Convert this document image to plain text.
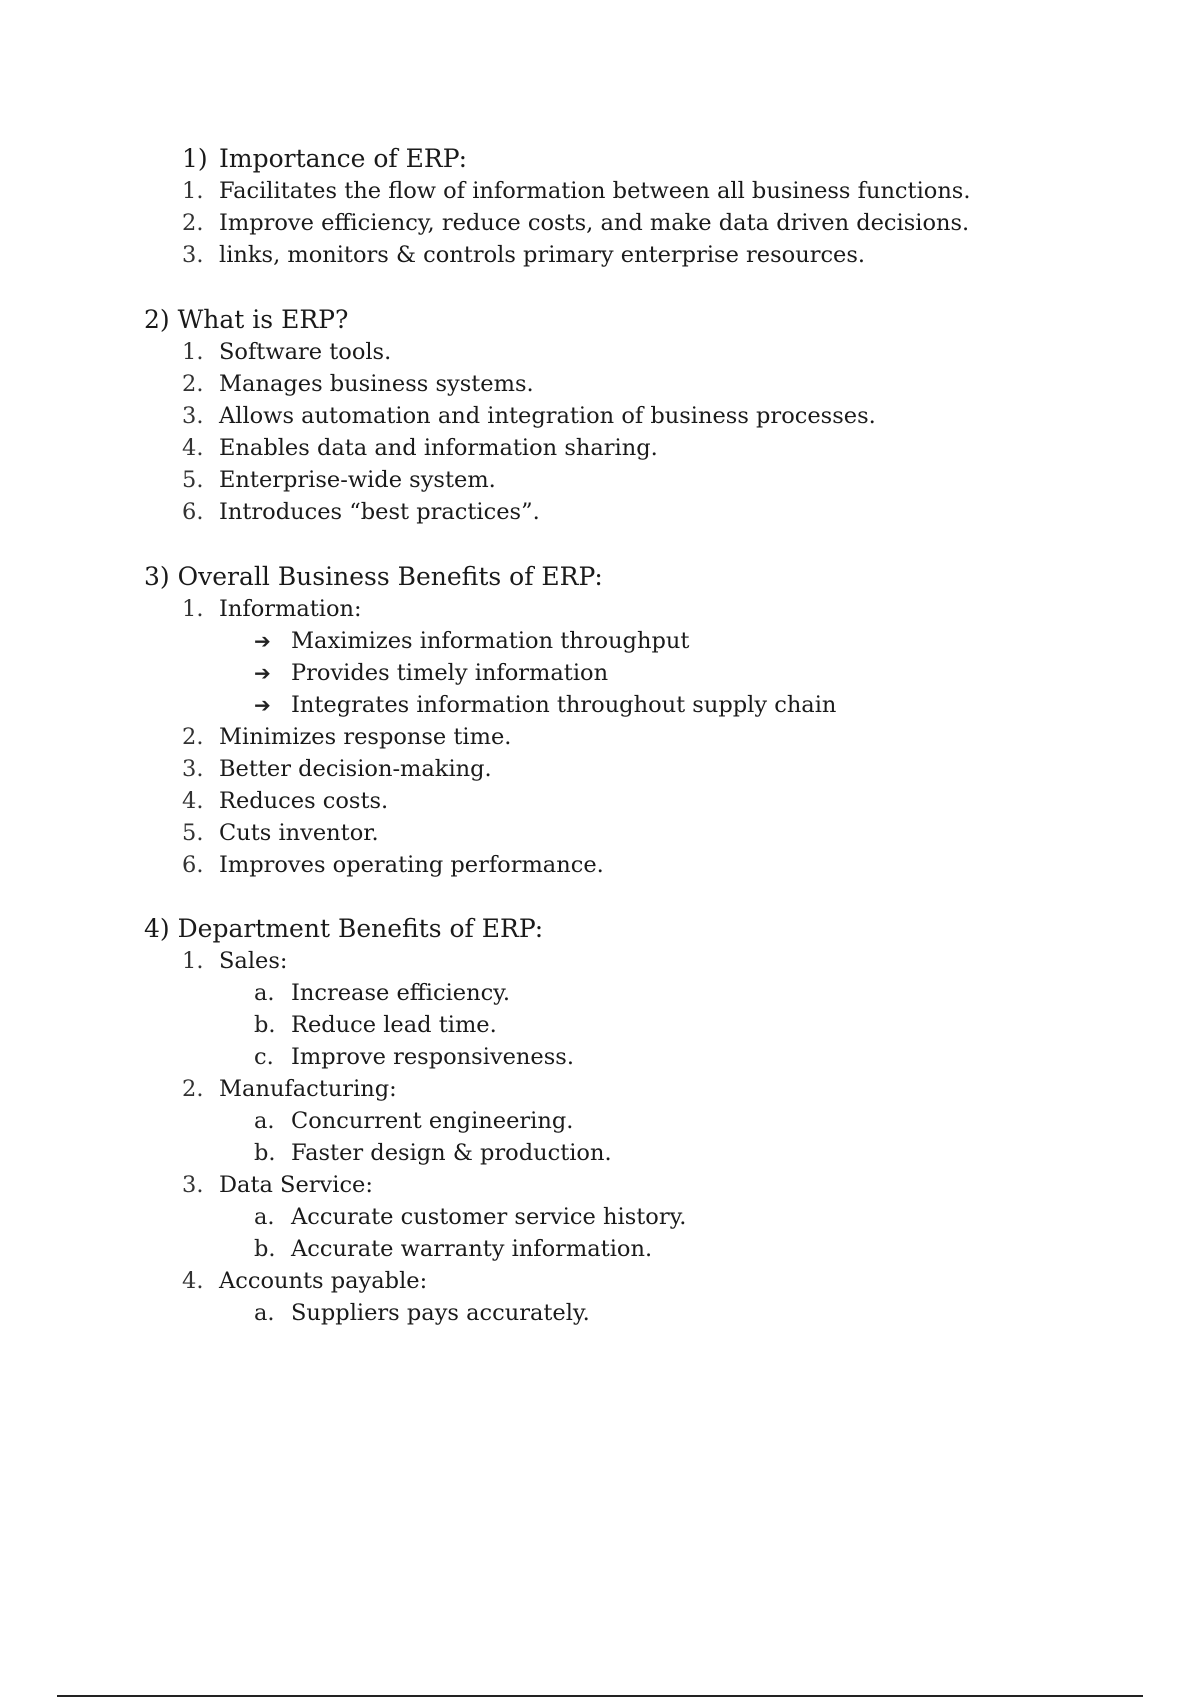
1) Importance of ERP:
1. Facilitates the flow of information between all business functions.
2. Improve efficiency, reduce costs, and make data driven decisions.
3. links, monitors & controls primary enterprise resources.
2) What is ERP?
1. Software tools.
2. Manages business systems.
3. Allows automation and integration of business processes.
4. Enables data and information sharing.
5. Enterprise-wide system.
6. Introduces “best practices”.
3) Overall Business Benefits of ERP:
1. Information:
➔ Maximizes information throughput
➔ Provides timely information
➔ Integrates information throughout supply chain
2. Minimizes response time.
3. Better decision-making.
4. Reduces costs.
5. Cuts inventor.
6. Improves operating performance.
4) Department Benefits of ERP:
1. Sales:
a. Increase efficiency.
b. Reduce lead time.
c. Improve responsiveness.
2. Manufacturing:
a. Concurrent engineering.
b. Faster design & production.
3. Data Service:
a. Accurate customer service history.
b. Accurate warranty information.
4. Accounts payable:
a. Suppliers pays accurately.
